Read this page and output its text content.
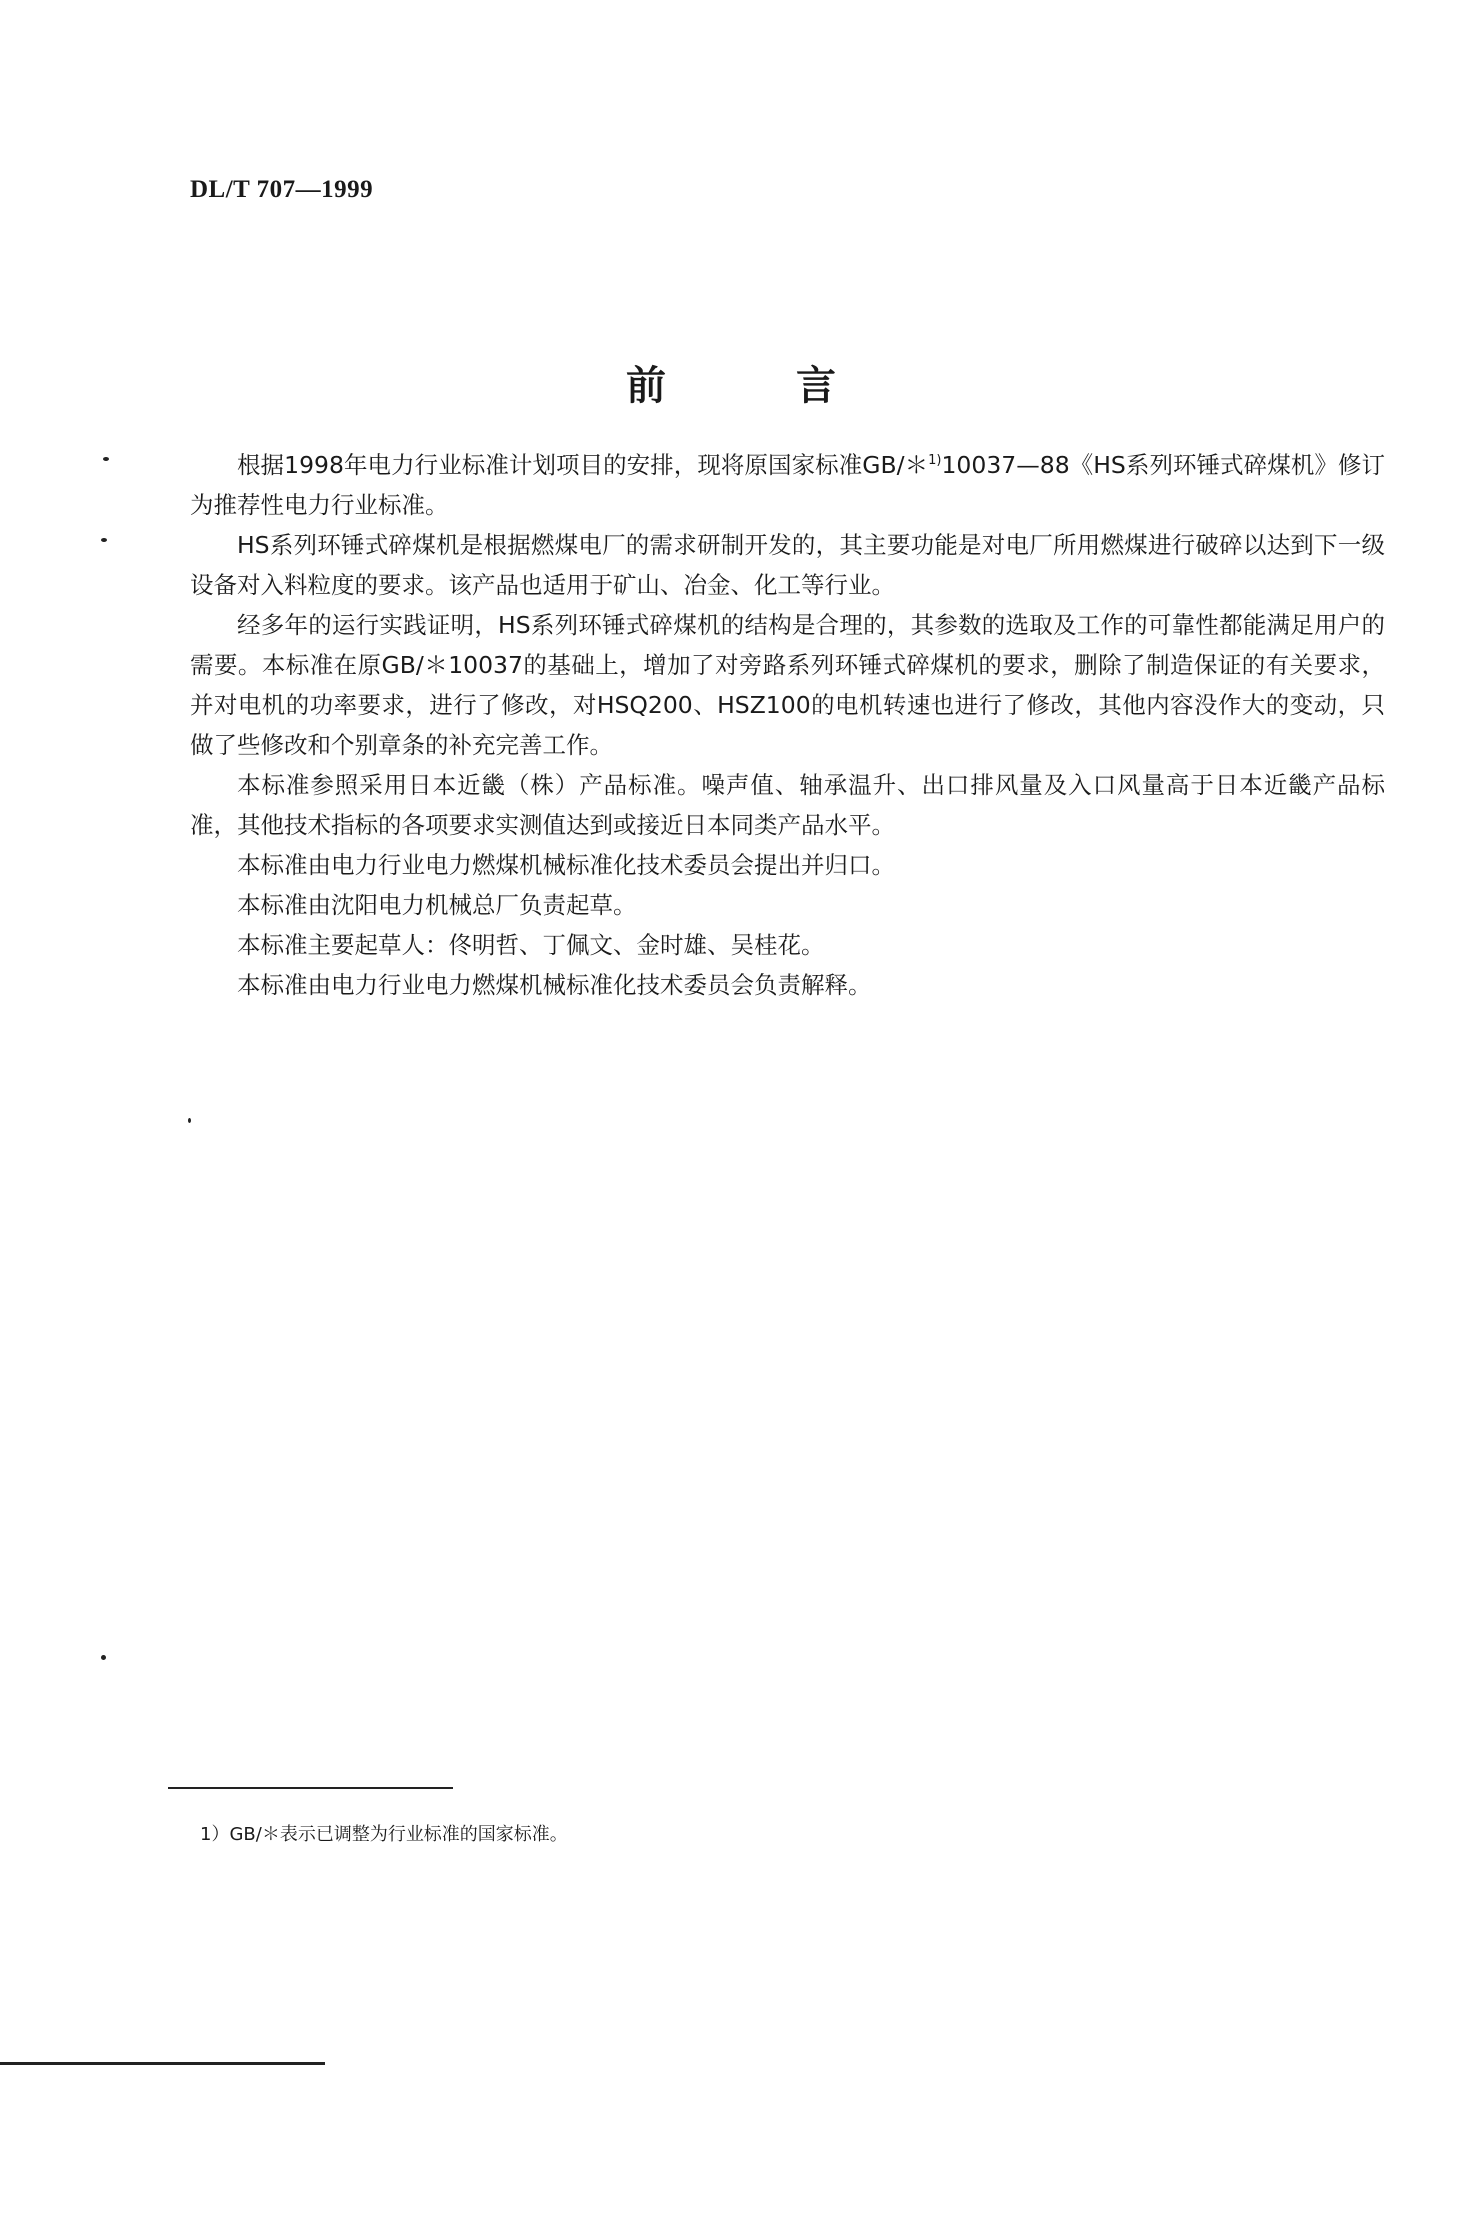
DL/T 707—1999

前言

根据1998年电力行业标准计划项目的安排，现将原国家标准GB/＊$^{1)}$10037—88《HS系列环锤式碎煤机》修订为推荐性电力行业标准。

HS系列环锤式碎煤机是根据燃煤电厂的需求研制开发的，其主要功能是对电厂所用燃煤进行破碎以达到下一级设备对入料粒度的要求。该产品也适用于矿山、冶金、化工等行业。

经多年的运行实践证明，HS系列环锤式碎煤机的结构是合理的，其参数的选取及工作的可靠性都能满足用户的需要。本标准在原GB/＊10037的基础上，增加了对旁路系列环锤式碎煤机的要求，删除了制造保证的有关要求，并对电机的功率要求，进行了修改，对HSQ200、HSZ100的电机转速也进行了修改，其他内容没作大的变动，只做了些修改和个别章条的补充完善工作。

本标准参照采用日本近畿（株）产品标准。噪声值、轴承温升、出口排风量及入口风量高于日本近畿产品标准，其他技术指标的各项要求实测值达到或接近日本同类产品水平。

本标准由电力行业电力燃煤机械标准化技术委员会提出并归口。

本标准由沈阳电力机械总厂负责起草。

本标准主要起草人：佟明哲、丁佩文、金时雄、吴桂花。

本标准由电力行业电力燃煤机械标准化技术委员会负责解释。

1）GB/＊表示已调整为行业标准的国家标准。
